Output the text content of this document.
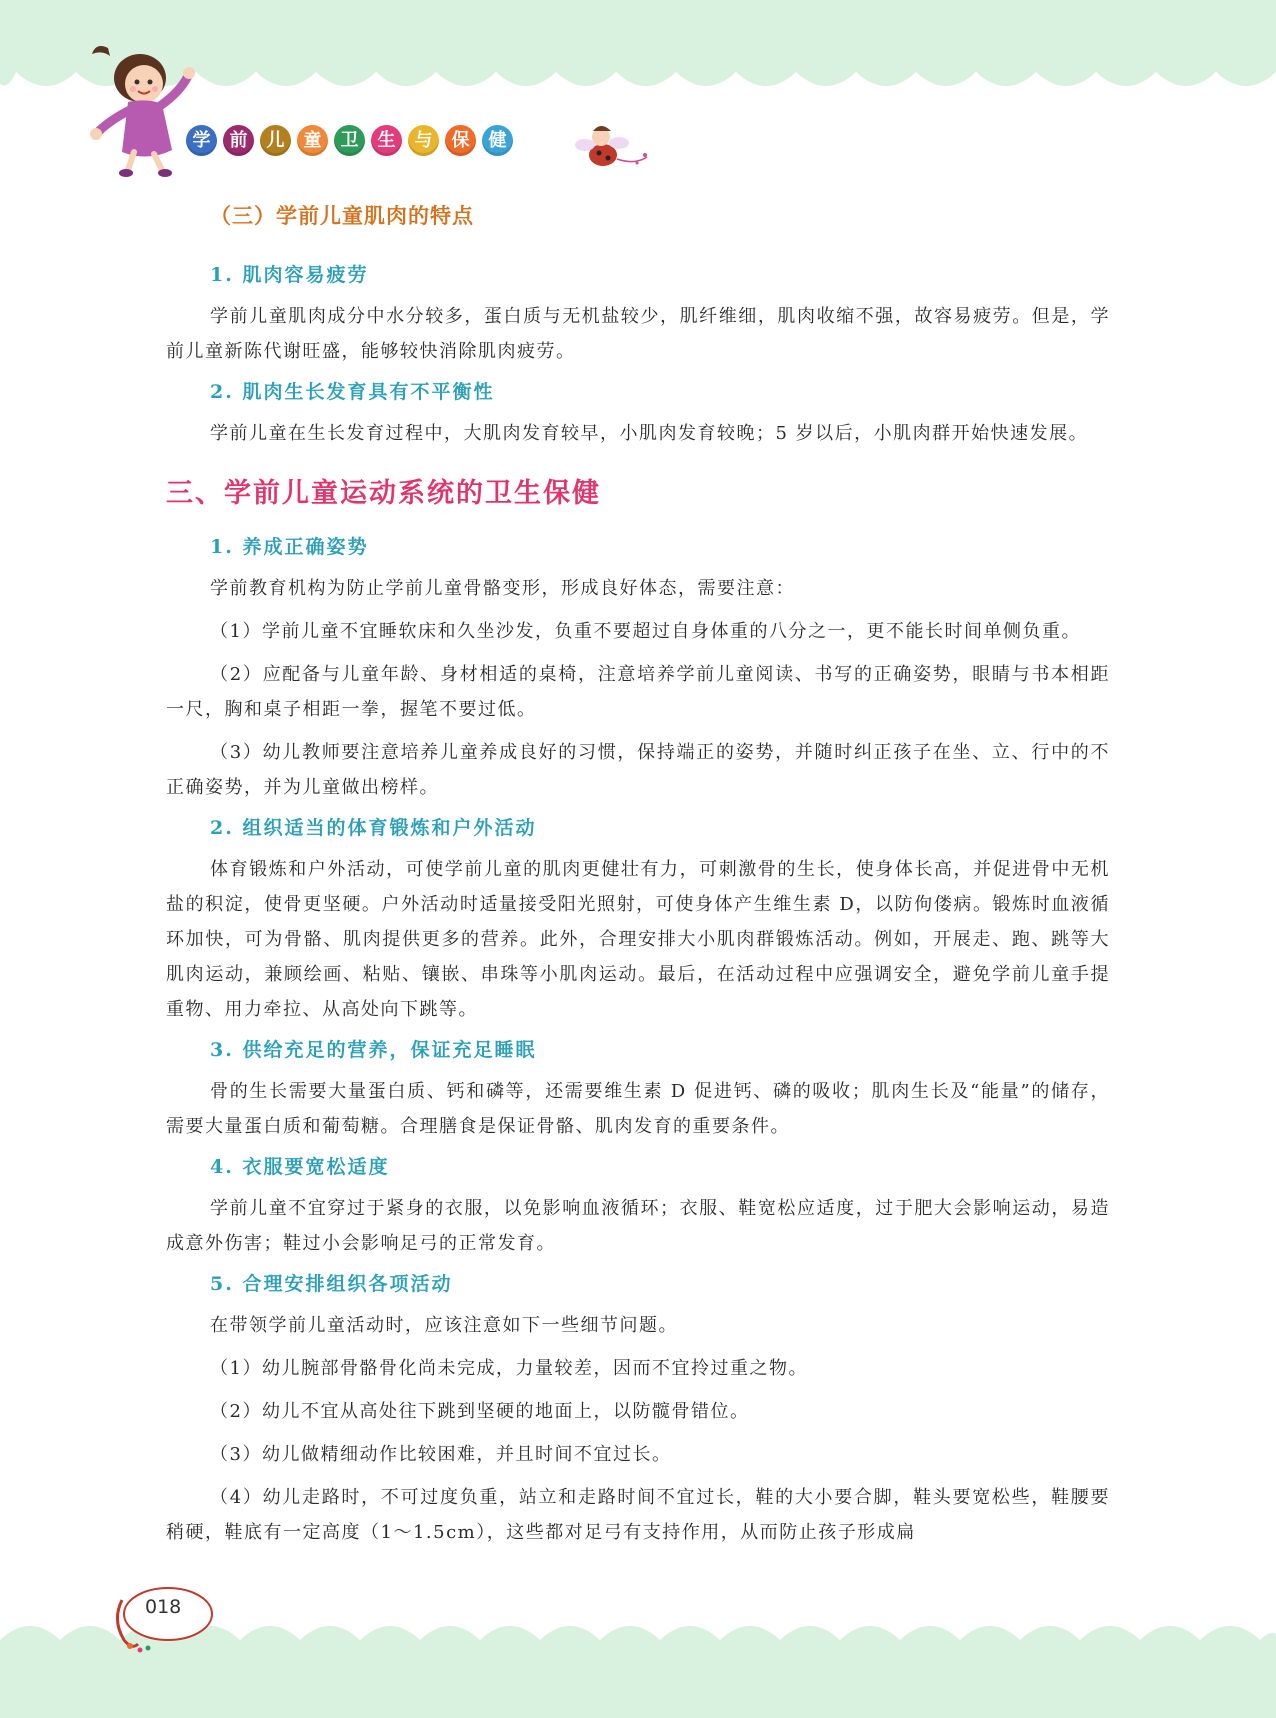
学	前	儿	童	卫	生	与	保	健
（三）学前儿童肌肉的特点
1. 肌肉容易疲劳

学前儿童肌肉成分中水分较多，蛋白质与无机盐较少，肌纤维细，肌肉收缩不强，故容易疲劳。但是，学前儿童新陈代谢旺盛，能够较快消除肌肉疲劳。

2. 肌肉生长发育具有不平衡性

学前儿童在生长发育过程中，大肌肉发育较早，小肌肉发育较晚；5 岁以后，小肌肉群开始快速发展。

三、学前儿童运动系统的卫生保健
1. 养成正确姿势

学前教育机构为防止学前儿童骨骼变形，形成良好体态，需要注意：

（1）学前儿童不宜睡软床和久坐沙发，负重不要超过自身体重的八分之一，更不能长时间单侧负重。

（2）应配备与儿童年龄、身材相适的桌椅，注意培养学前儿童阅读、书写的正确姿势，眼睛与书本相距一尺，胸和桌子相距一拳，握笔不要过低。

（3）幼儿教师要注意培养儿童养成良好的习惯，保持端正的姿势，并随时纠正孩子在坐、立、行中的不正确姿势，并为儿童做出榜样。

2. 组织适当的体育锻炼和户外活动

体育锻炼和户外活动，可使学前儿童的肌肉更健壮有力，可刺激骨的生长，使身体长高，并促进骨中无机盐的积淀，使骨更坚硬。户外活动时适量接受阳光照射，可使身体产生维生素 D，以防佝偻病。锻炼时血液循环加快，可为骨骼、肌肉提供更多的营养。此外，合理安排大小肌肉群锻炼活动。例如，开展走、跑、跳等大肌肉运动，兼顾绘画、粘贴、镶嵌、串珠等小肌肉运动。最后，在活动过程中应强调安全，避免学前儿童手提重物、用力牵拉、从高处向下跳等。

3. 供给充足的营养，保证充足睡眠

骨的生长需要大量蛋白质、钙和磷等，还需要维生素 D 促进钙、磷的吸收；肌肉生长及“能量”的储存，需要大量蛋白质和葡萄糖。合理膳食是保证骨骼、肌肉发育的重要条件。

4. 衣服要宽松适度

学前儿童不宜穿过于紧身的衣服，以免影响血液循环；衣服、鞋宽松应适度，过于肥大会影响运动，易造成意外伤害；鞋过小会影响足弓的正常发育。

5. 合理安排组织各项活动

在带领学前儿童活动时，应该注意如下一些细节问题。

（1）幼儿腕部骨骼骨化尚未完成，力量较差，因而不宜拎过重之物。

（2）幼儿不宜从高处往下跳到坚硬的地面上，以防髋骨错位。

（3）幼儿做精细动作比较困难，并且时间不宜过长。

（4）幼儿走路时，不可过度负重，站立和走路时间不宜过长，鞋的大小要合脚，鞋头要宽松些，鞋腰要稍硬，鞋底有一定高度（1～1.5cm），这些都对足弓有支持作用，从而防止孩子形成扁

018
